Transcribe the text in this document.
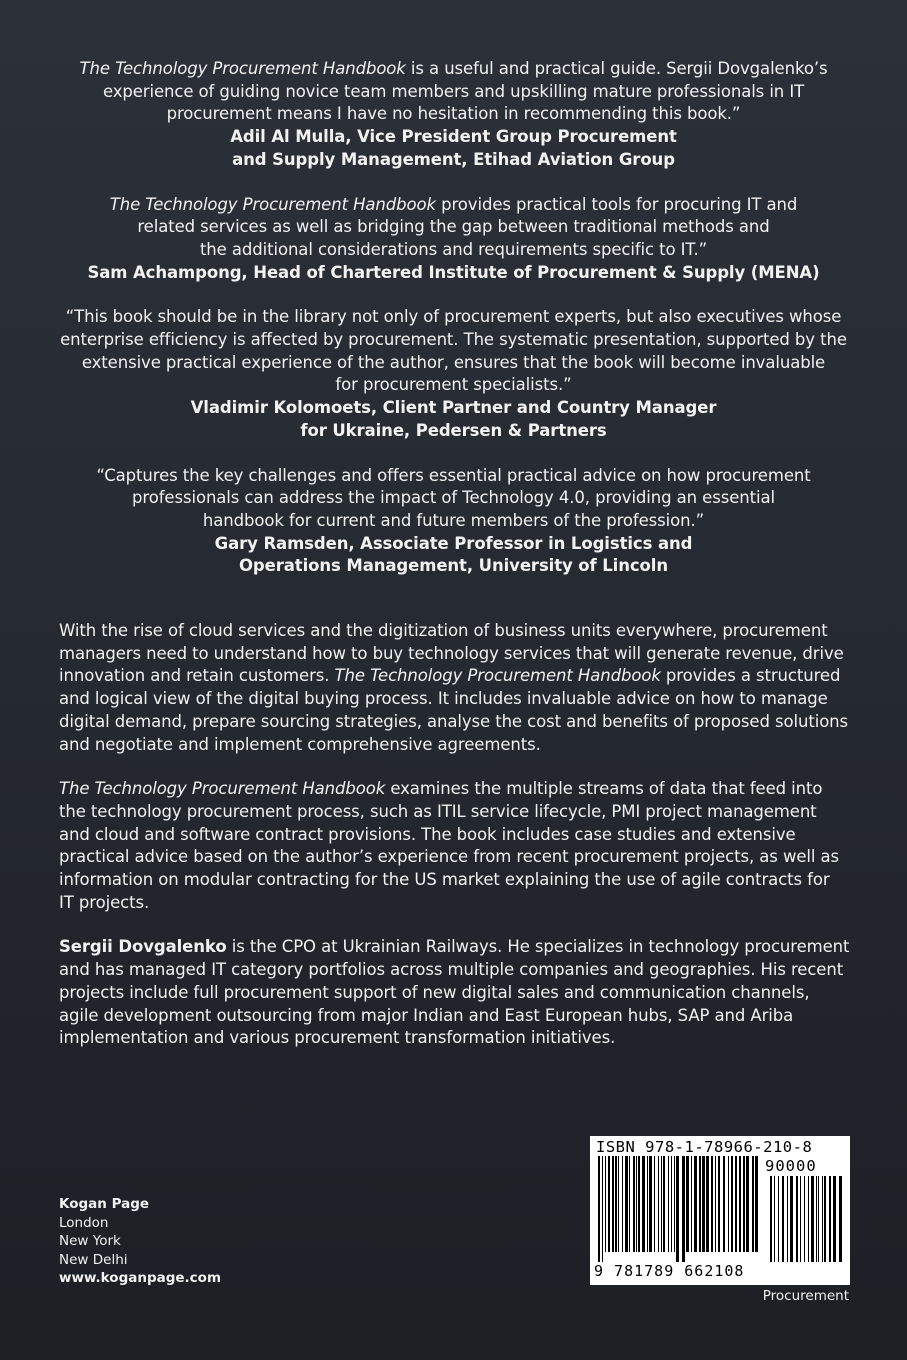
The Technology Procurement Handbook is a useful and practical guide. Sergii Dovgalenko’s
experience of guiding novice team members and upskilling mature professionals in IT
procurement means I have no hesitation in recommending this book.”
Adil Al Mulla, Vice President Group Procurement
and Supply Management, Etihad Aviation Group
The Technology Procurement Handbook provides practical tools for procuring IT and
related services as well as bridging the gap between traditional methods and
the additional considerations and requirements specific to IT.”
Sam Achampong, Head of Chartered Institute of Procurement & Supply (MENA)
“This book should be in the library not only of procurement experts, but also executives whose
enterprise efficiency is affected by procurement. The systematic presentation, supported by the
extensive practical experience of the author, ensures that the book will become invaluable
for procurement specialists.”
Vladimir Kolomoets, Client Partner and Country Manager
for Ukraine, Pedersen & Partners
“Captures the key challenges and offers essential practical advice on how procurement
professionals can address the impact of Technology 4.0, providing an essential
handbook for current and future members of the profession.”
Gary Ramsden, Associate Professor in Logistics and
Operations Management, University of Lincoln

With the rise of cloud services and the digitization of business units everywhere, procurement
managers need to understand how to buy technology services that will generate revenue, drive
innovation and retain customers. The Technology Procurement Handbook provides a structured
and logical view of the digital buying process. It includes invaluable advice on how to manage
digital demand, prepare sourcing strategies, analyse the cost and benefits of proposed solutions
and negotiate and implement comprehensive agreements.

The Technology Procurement Handbook examines the multiple streams of data that feed into
the technology procurement process, such as ITIL service lifecycle, PMI project management
and cloud and software contract provisions. The book includes case studies and extensive
practical advice based on the author’s experience from recent procurement projects, as well as
information on modular contracting for the US market explaining the use of agile contracts for
IT projects.

Sergii Dovgalenko is the CPO at Ukrainian Railways. He specializes in technology procurement
and has managed IT category portfolios across multiple companies and geographies. His recent
projects include full procurement support of new digital sales and communication channels,
agile development outsourcing from major Indian and East European hubs, SAP and Ariba
implementation and various procurement transformation initiatives.

Kogan Page
London
New York
New Delhi
www.koganpage.com
ISBN 978-1-78966-210-8
90000
9 781789 662108
Procurement
